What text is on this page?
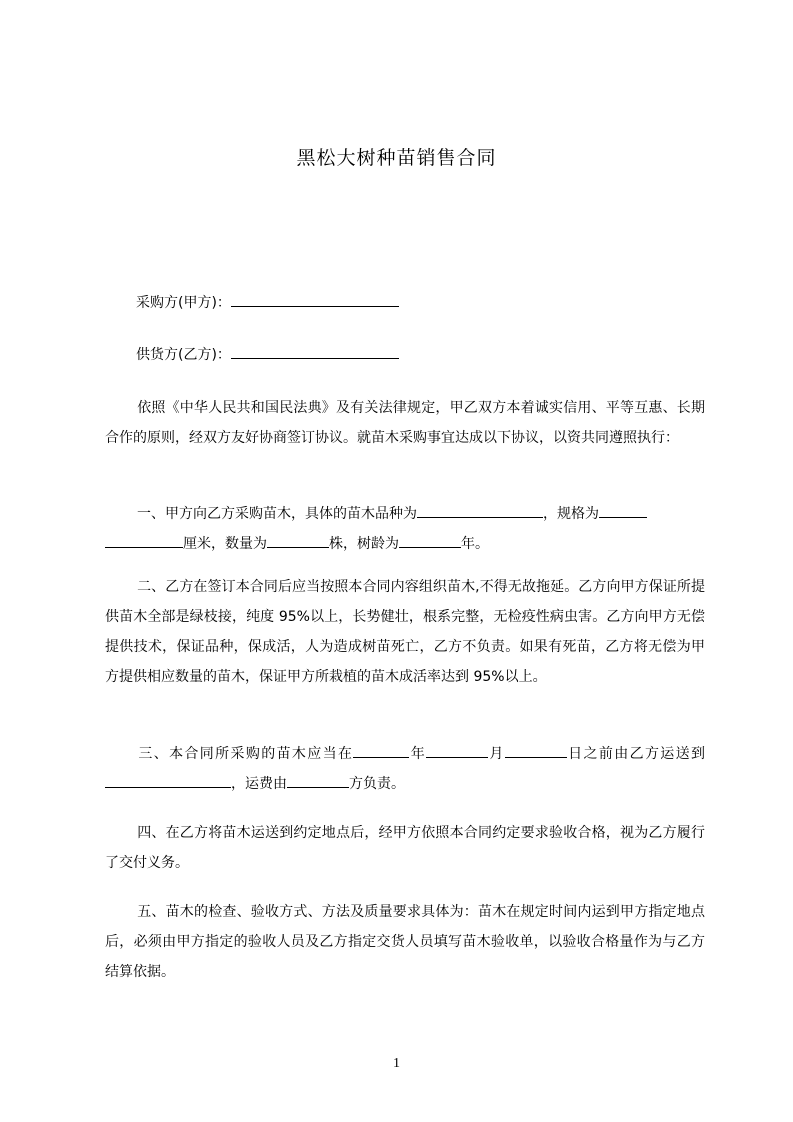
黑松大树种苗销售合同
采购方(甲方)：
供货方(乙方)：
依照《中华人民共和国民法典》及有关法律规定，甲乙双方本着诚实信用、平等互惠、长期合作的原则，经双方友好协商签订协议。就苗木采购事宜达成以下协议，以资共同遵照执行：
一、甲方向乙方采购苗木，具体的苗木品种为	，规格为
厘米，数量为	株，树龄为	年。
二、乙方在签订本合同后应当按照本合同内容组织苗木,不得无故拖延。乙方向甲方保证所提供苗木全部是绿枝接，纯度 95%以上，长势健壮，根系完整，无检疫性病虫害。乙方向甲方无偿提供技术，保证品种，保成活，人为造成树苗死亡，乙方不负责。如果有死苗，乙方将无偿为甲方提供相应数量的苗木，保证甲方所栽植的苗木成活率达到 95%以上。
三、本合同所采购的苗木应当在	年	月	日之前由乙方运送到，运费由	方负责。
四、在乙方将苗木运送到约定地点后，经甲方依照本合同约定要求验收合格，视为乙方履行了交付义务。
五、苗木的检查、验收方式、方法及质量要求具体为：苗木在规定时间内运到甲方指定地点后，必须由甲方指定的验收人员及乙方指定交货人员填写苗木验收单，以验收合格量作为与乙方结算依据。
1
